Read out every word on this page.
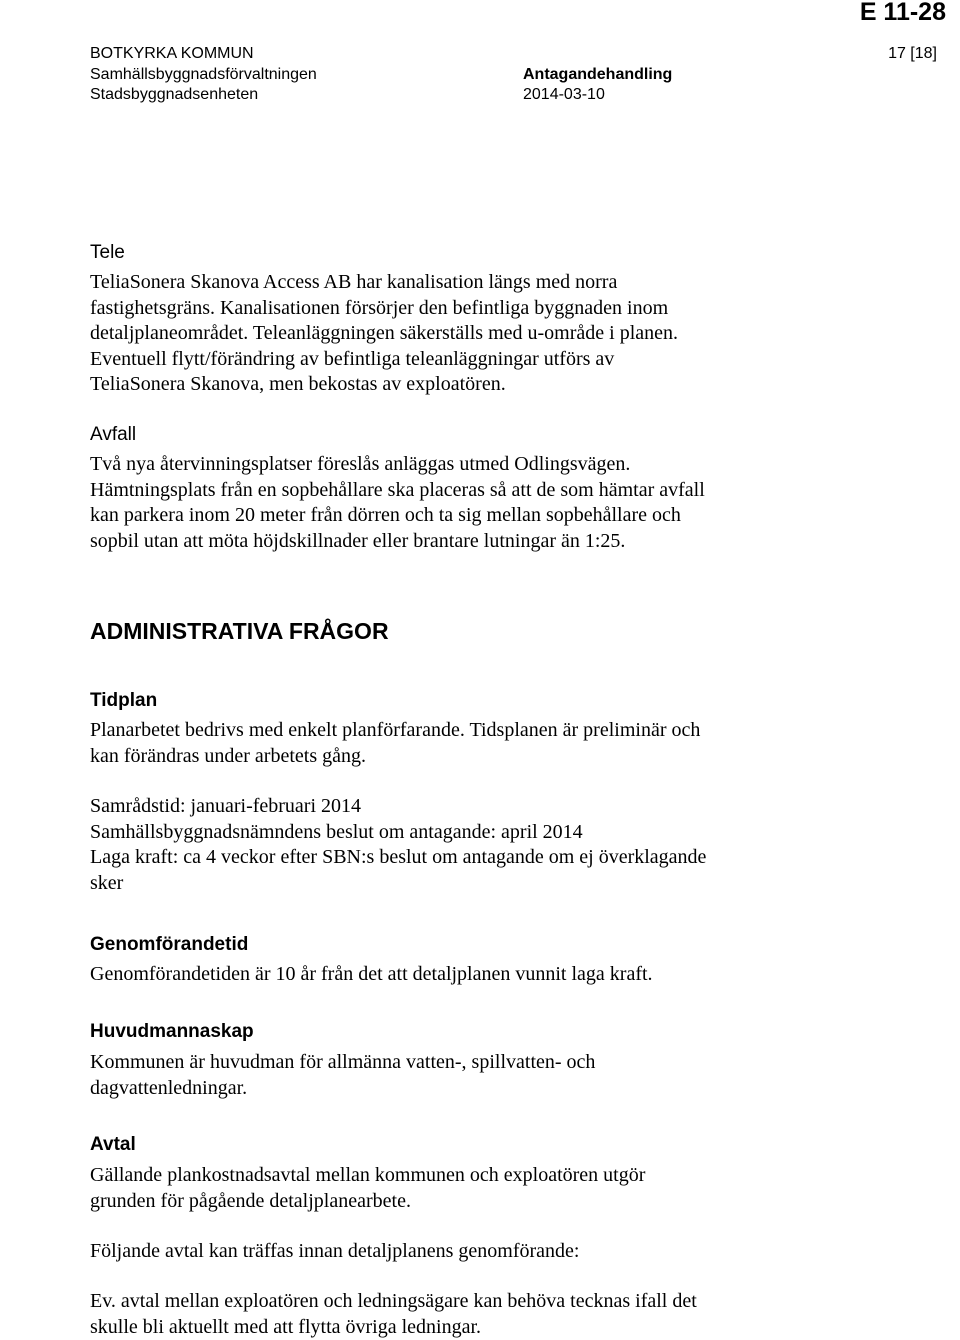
E 11-28
BOTKYRKA KOMMUN
Samhällsbyggnadsförvaltningen
Stadsbyggnadsenheten
Antagandehandling
2014-03-10
17 [18]
Tele
TeliaSonera Skanova Access AB har kanalisation längs med norra
fastighetsgräns. Kanalisationen försörjer den befintliga byggnaden inom
detaljplaneområdet. Teleanläggningen säkerställs med u-område i planen.
Eventuell flytt/förändring av befintliga teleanläggningar utförs av
TeliaSonera Skanova, men bekostas av exploatören.
Avfall
Två nya återvinningsplatser föreslås anläggas utmed Odlingsvägen.
Hämtningsplats från en sopbehållare ska placeras så att de som hämtar avfall
kan parkera inom 20 meter från dörren och ta sig mellan sopbehållare och
sopbil utan att möta höjdskillnader eller brantare lutningar än 1:25.
ADMINISTRATIVA FRÅGOR
Tidplan
Planarbetet bedrivs med enkelt planförfarande. Tidsplanen är preliminär och
kan förändras under arbetets gång.
Samrådstid: januari-februari 2014
Samhällsbyggnadsnämndens beslut om antagande: april 2014
Laga kraft: ca 4 veckor efter SBN:s beslut om antagande om ej överklagande
sker
Genomförandetid
Genomförandetiden är 10 år från det att detaljplanen vunnit laga kraft.
Huvudmannaskap
Kommunen är huvudman för allmänna vatten-, spillvatten- och
dagvattenledningar.
Avtal
Gällande plankostnadsavtal mellan kommunen och exploatören utgör
grunden för pågående detaljplanearbete.
Följande avtal kan träffas innan detaljplanens genomförande:
Ev. avtal mellan exploatören och ledningsägare kan behöva tecknas ifall det
skulle bli aktuellt med att flytta övriga ledningar.
